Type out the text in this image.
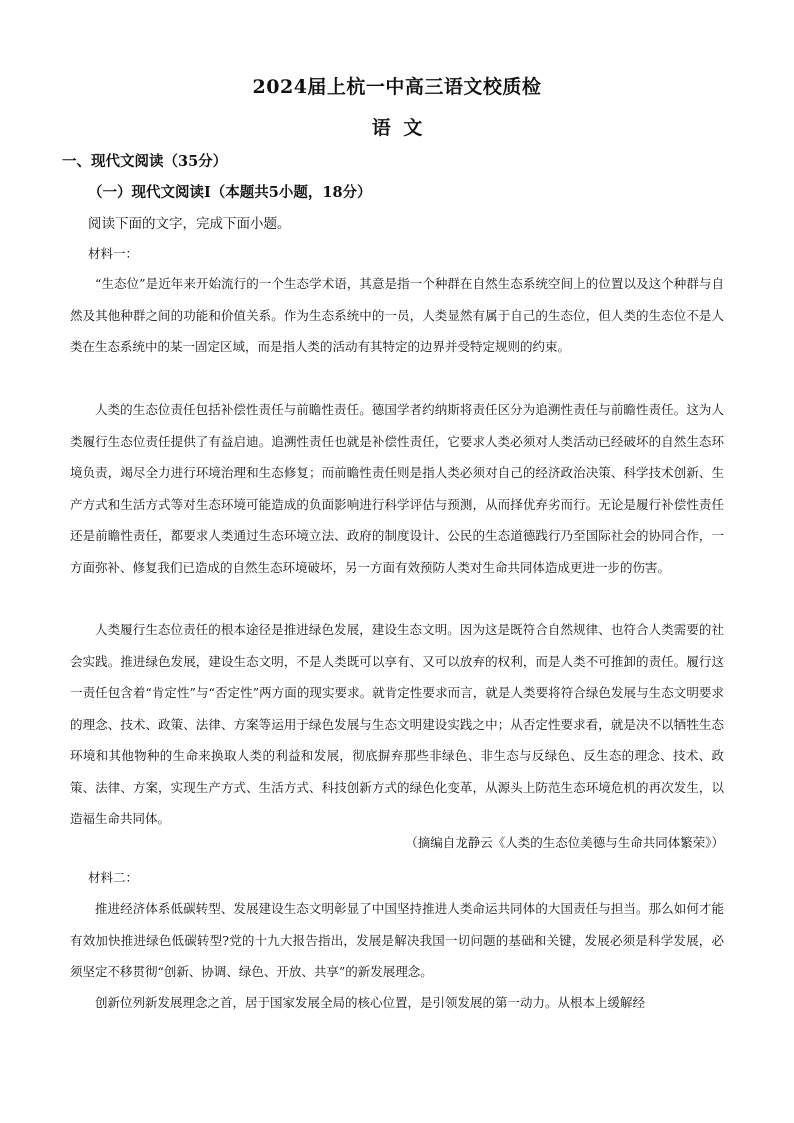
2024届上杭一中高三语文校质检
语 文
一、现代文阅读（35分）
（一）现代文阅读Ⅰ（本题共5小题，18分）
阅读下面的文字，完成下面小题。
材料一：

“生态位”是近年来开始流行的一个生态学术语，其意是指一个种群在自然生态系统空间上的位置以及这个种群与自然及其他种群之间的功能和价值关系。作为生态系统中的一员，人类显然有属于自己的生态位，但人类的生态位不是人类在生态系统中的某一固定区域，而是指人类的活动有其特定的边界并受特定规则的约束。

人类的生态位责任包括补偿性责任与前瞻性责任。德国学者约纳斯将责任区分为追溯性责任与前瞻性责任。这为人类履行生态位责任提供了有益启迪。追溯性责任也就是补偿性责任，它要求人类必须对人类活动已经破坏的自然生态环境负责，竭尽全力进行环境治理和生态修复；而前瞻性责任则是指人类必须对自己的经济政治决策、科学技术创新、生产方式和生活方式等对生态环境可能造成的负面影响进行科学评估与预测，从而择优弃劣而行。无论是履行补偿性责任还是前瞻性责任，都要求人类通过生态环境立法、政府的制度设计、公民的生态道德践行乃至国际社会的协同合作，一方面弥补、修复我们已造成的自然生态环境破坏，另一方面有效预防人类对生命共同体造成更进一步的伤害。

人类履行生态位责任的根本途径是推进绿色发展，建设生态文明。因为这是既符合自然规律、也符合人类需要的社会实践。推进绿色发展，建设生态文明，不是人类既可以享有、又可以放弃的权利，而是人类不可推卸的责任。履行这一责任包含着“肯定性”与“否定性”两方面的现实要求。就肯定性要求而言，就是人类要将符合绿色发展与生态文明要求的理念、技术、政策、法律、方案等运用于绿色发展与生态文明建设实践之中；从否定性要求看，就是决不以牺牲生态环境和其他物种的生命来换取人类的利益和发展，彻底摒弃那些非绿色、非生态与反绿色、反生态的理念、技术、政策、法律、方案，实现生产方式、生活方式、科技创新方式的绿色化变革，从源头上防范生态环境危机的再次发生，以造福生命共同体。

（摘编自龙静云《人类的生态位美德与生命共同体繁荣》）
材料二：

推进经济体系低碳转型、发展建设生态文明彰显了中国坚持推进人类命运共同体的大国责任与担当。那么如何才能有效加快推进绿色低碳转型?党的十九大报告指出，发展是解决我国一切问题的基础和关键，发展必须是科学发展，必须坚定不移贯彻“创新、协调、绿色、开放、共享”的新发展理念。

创新位列新发展理念之首，居于国家发展全局的核心位置，是引领发展的第一动力。从根本上缓解经
